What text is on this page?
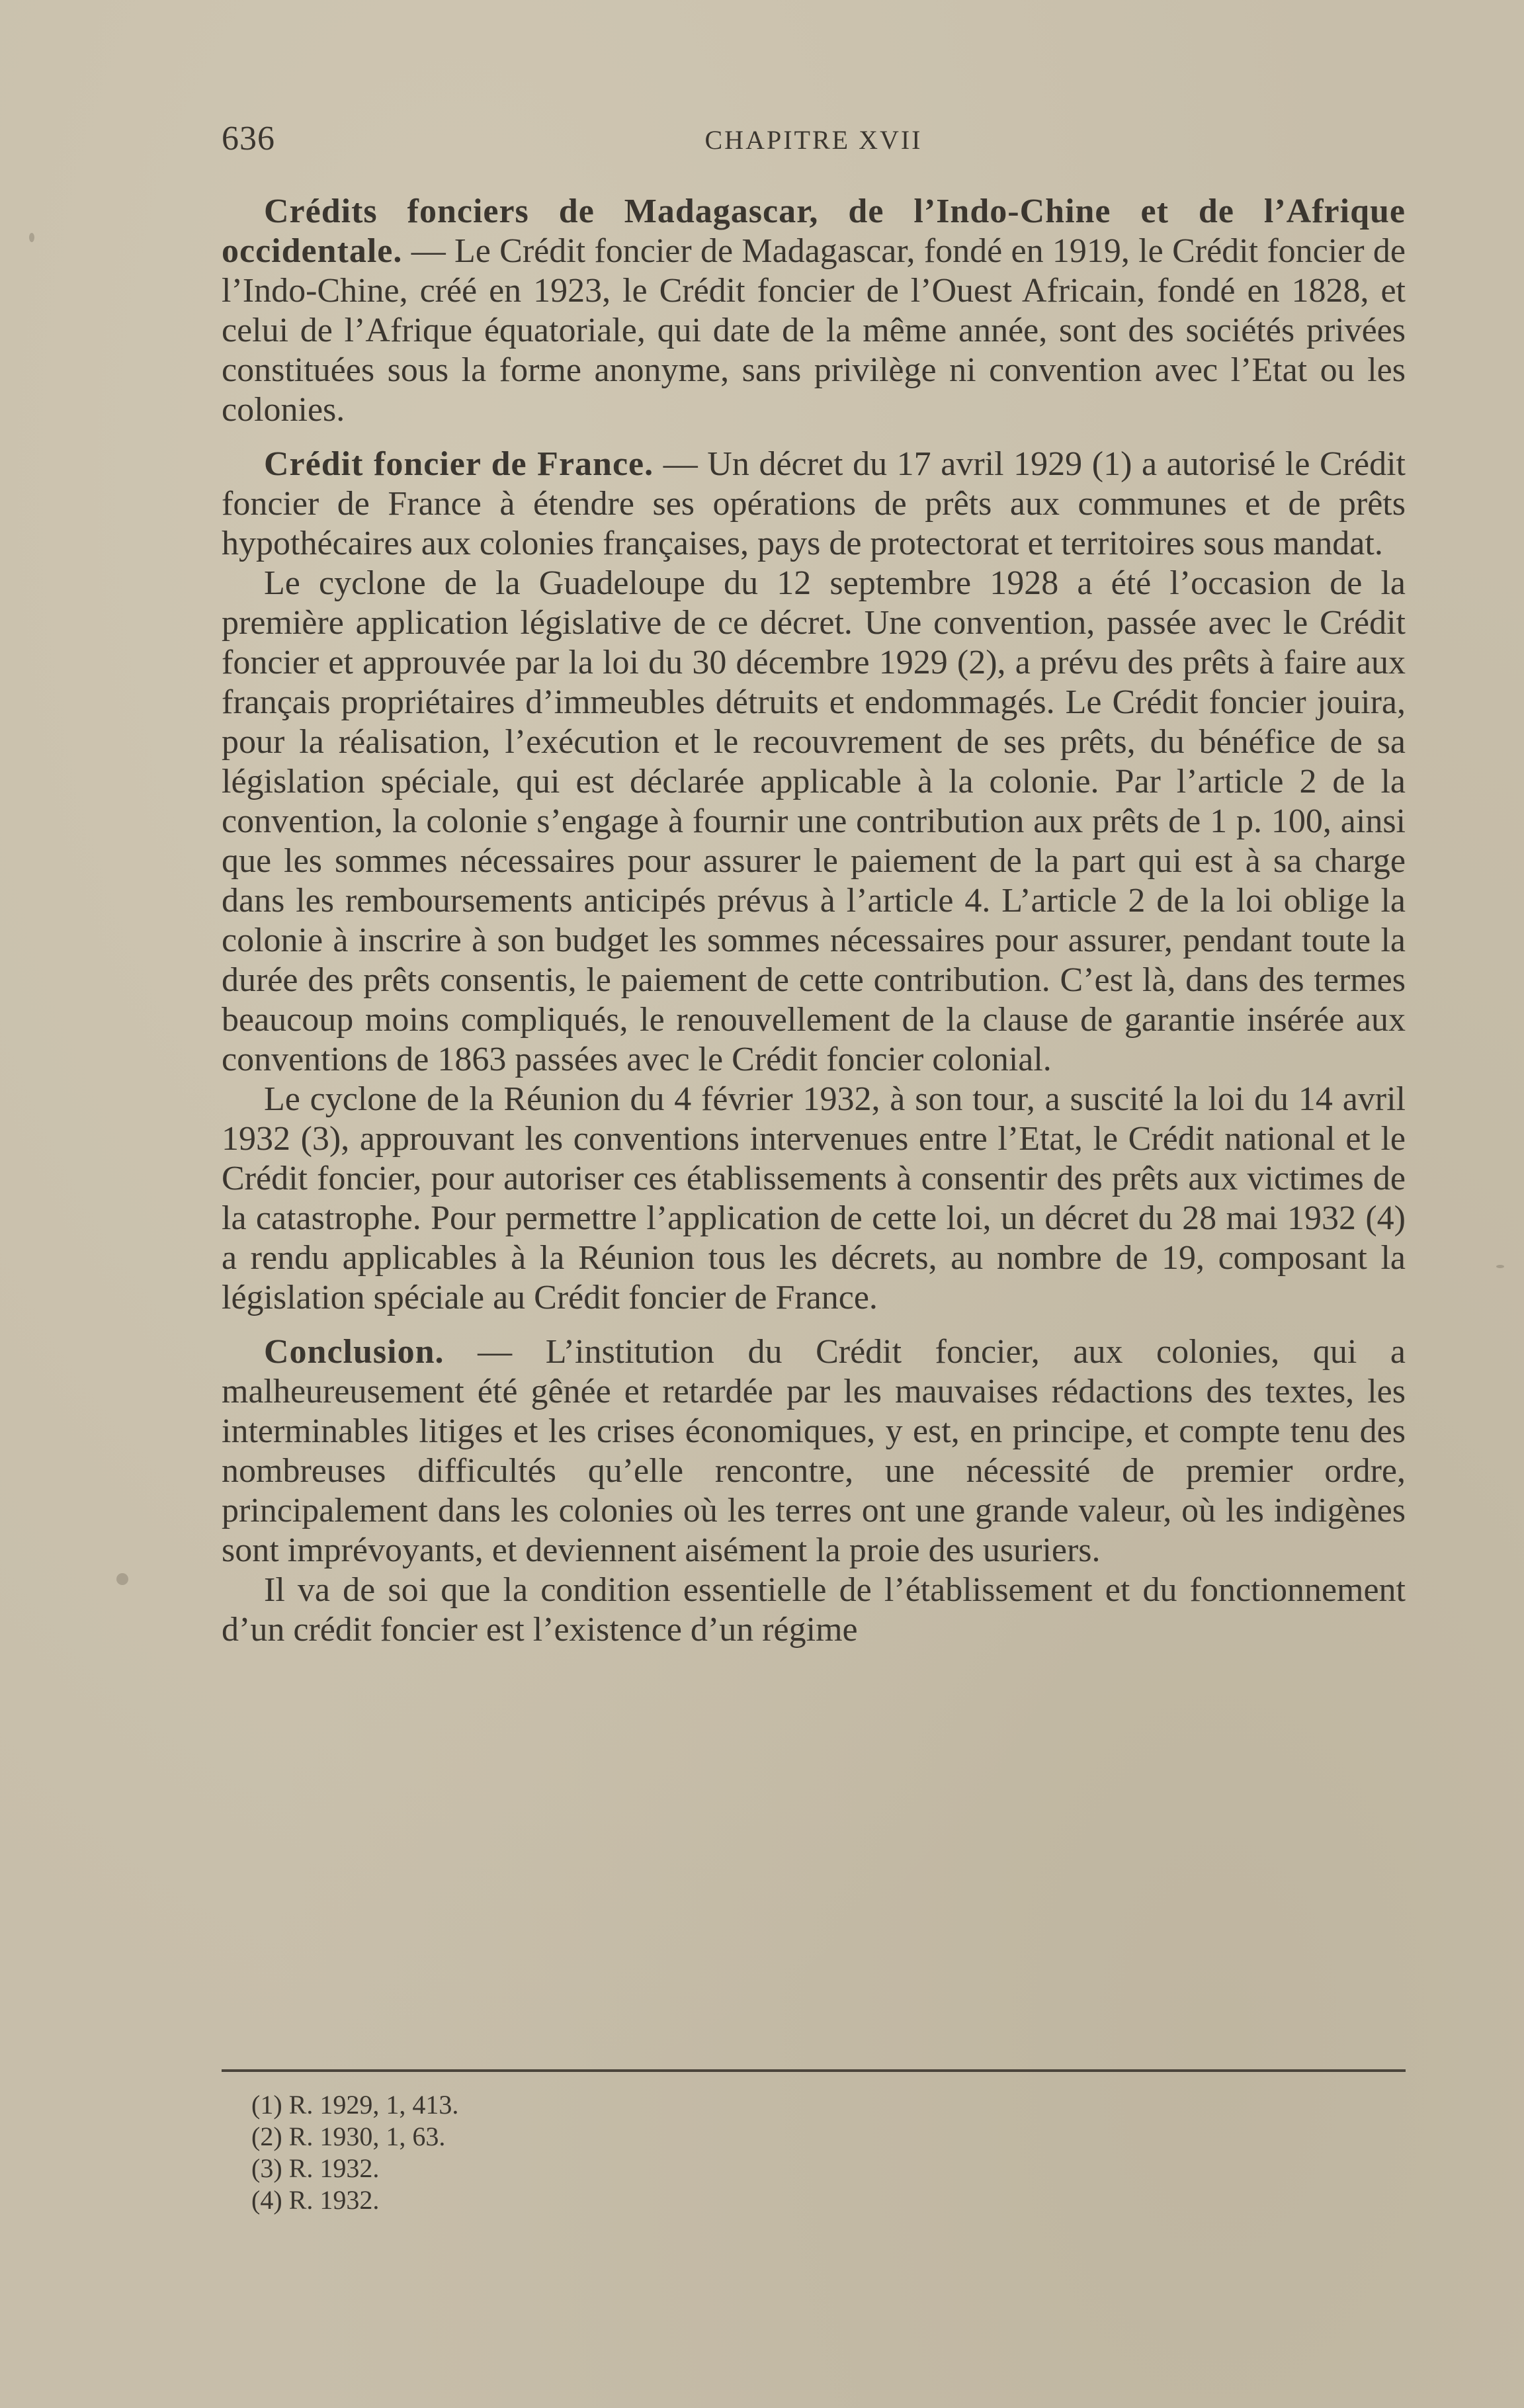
636	CHAPITRE XVII

Crédits fonciers de Madagascar, de l’Indo-Chine et de l’Afrique occidentale. — Le Crédit foncier de Madagascar, fondé en 1919, le Crédit foncier de l’Indo-Chine, créé en 1923, le Crédit foncier de l’Ouest Africain, fondé en 1828, et celui de l’Afrique équatoriale, qui date de la même année, sont des sociétés privées constituées sous la forme anonyme, sans privilège ni convention avec l’Etat ou les colonies.

Crédit foncier de France. — Un décret du 17 avril 1929 (1) a autorisé le Crédit foncier de France à étendre ses opérations de prêts aux communes et de prêts hypothécaires aux colonies françaises, pays de protectorat et territoires sous mandat.

Le cyclone de la Guadeloupe du 12 septembre 1928 a été l’occasion de la première application législative de ce décret. Une convention, passée avec le Crédit foncier et approuvée par la loi du 30 décembre 1929 (2), a prévu des prêts à faire aux français propriétaires d’immeubles détruits et endommagés. Le Crédit foncier jouira, pour la réalisation, l’exécution et le recouvrement de ses prêts, du bénéfice de sa législation spéciale, qui est déclarée applicable à la colonie. Par l’article 2 de la convention, la colonie s’engage à fournir une contribution aux prêts de 1 p. 100, ainsi que les sommes nécessaires pour assurer le paiement de la part qui est à sa charge dans les remboursements anticipés prévus à l’article 4. L’article 2 de la loi oblige la colonie à inscrire à son budget les sommes nécessaires pour assurer, pendant toute la durée des prêts consentis, le paiement de cette contribution. C’est là, dans des termes beaucoup moins compliqués, le renouvellement de la clause de garantie insérée aux conventions de 1863 passées avec le Crédit foncier colonial.

Le cyclone de la Réunion du 4 février 1932, à son tour, a suscité la loi du 14 avril 1932 (3), approuvant les conventions intervenues entre l’Etat, le Crédit national et le Crédit foncier, pour autoriser ces établissements à consentir des prêts aux victimes de la catastrophe. Pour permettre l’application de cette loi, un décret du 28 mai 1932 (4) a rendu applicables à la Réunion tous les décrets, au nombre de 19, composant la législation spéciale au Crédit foncier de France.

Conclusion. — L’institution du Crédit foncier, aux colonies, qui a malheureusement été gênée et retardée par les mauvaises rédactions des textes, les interminables litiges et les crises économiques, y est, en principe, et compte tenu des nombreuses difficultés qu’elle rencontre, une nécessité de premier ordre, principalement dans les colonies où les terres ont une grande valeur, où les indigènes sont imprévoyants, et deviennent aisément la proie des usuriers.

Il va de soi que la condition essentielle de l’établissement et du fonctionnement d’un crédit foncier est l’existence d’un régime

(1) R. 1929, 1, 413.

(2) R. 1930, 1, 63.

(3) R. 1932.

(4) R. 1932.
